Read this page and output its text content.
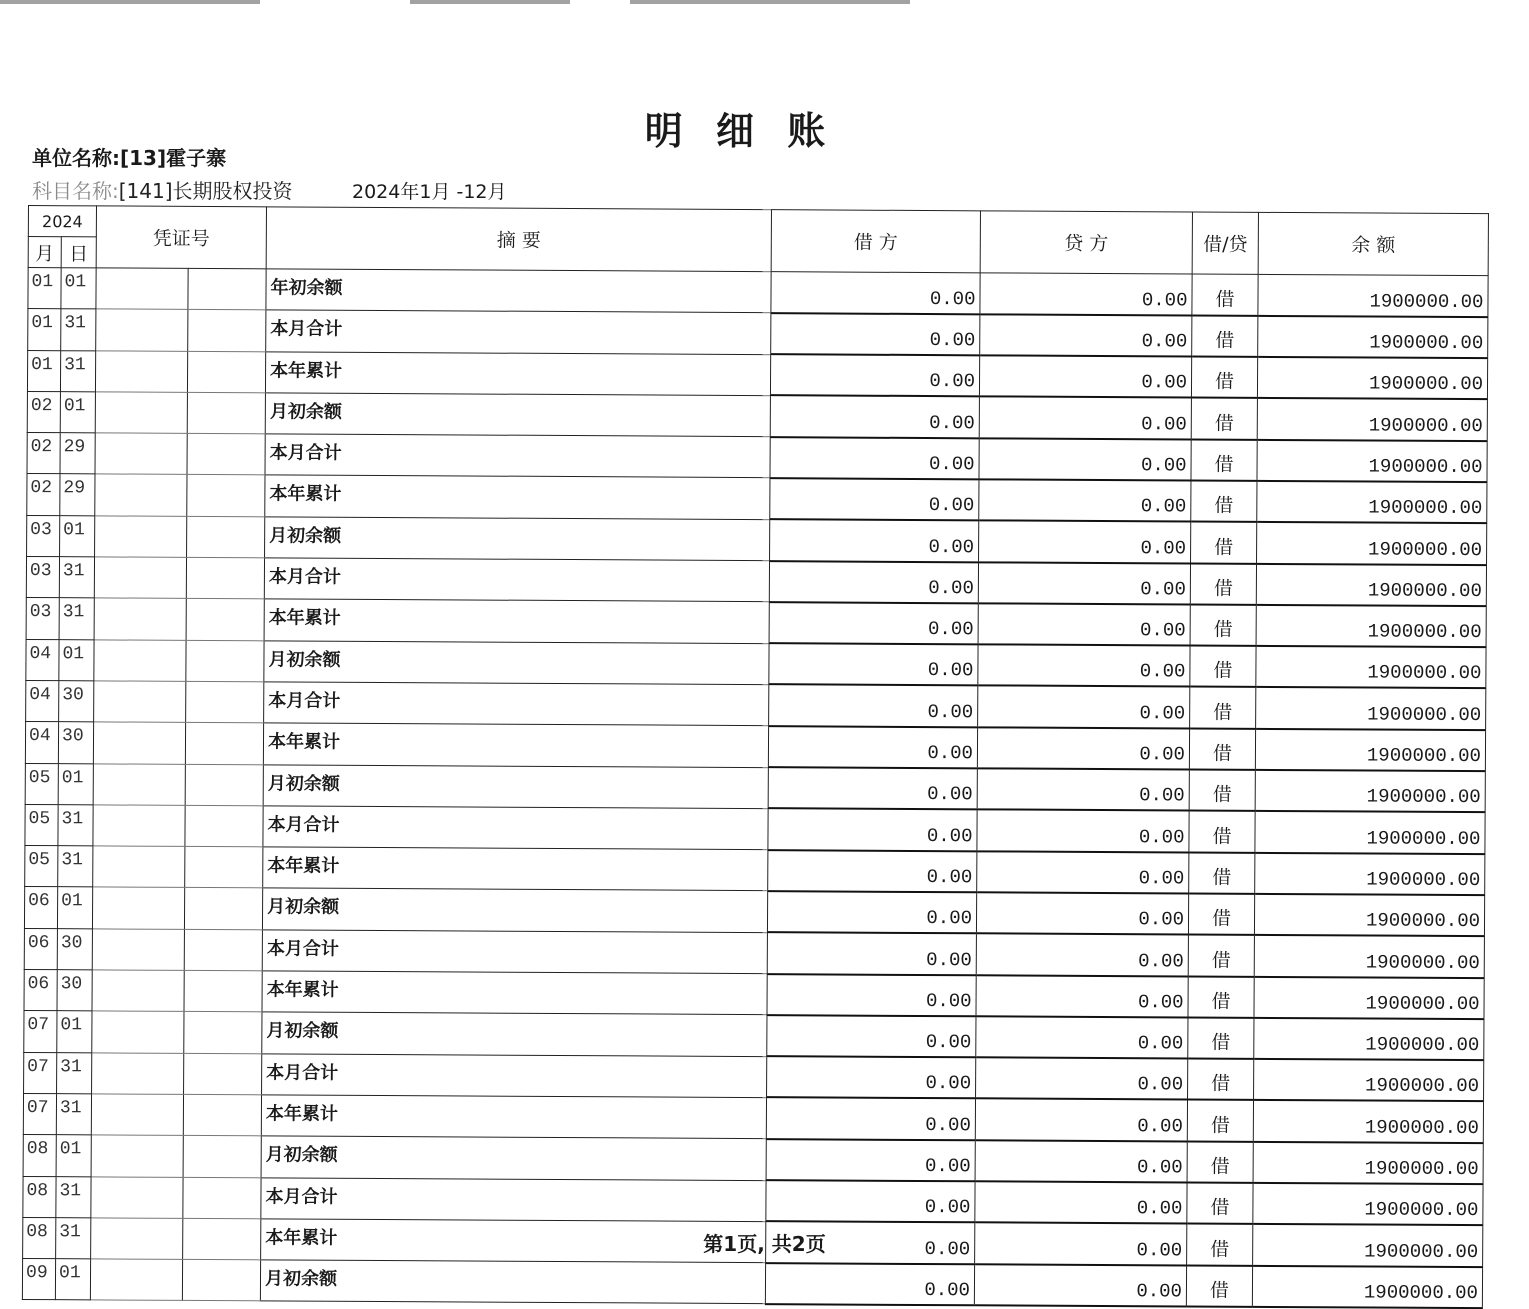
明 细 账
单位名称:[13]霍子寨
科目名称:[141]长期股权投资	2024年1月 -12月
2024		凭证号		摘 要	借 方	贷 方	借/贷	余 额
月	日							
01	01			年初余额	0.00	0.00	借	1900000.00
01	31			本月合计	0.00	0.00	借	1900000.00
01	31			本年累计	0.00	0.00	借	1900000.00
02	01			月初余额	0.00	0.00	借	1900000.00
02	29			本月合计	0.00	0.00	借	1900000.00
02	29			本年累计	0.00	0.00	借	1900000.00
03	01			月初余额	0.00	0.00	借	1900000.00
03	31			本月合计	0.00	0.00	借	1900000.00
03	31			本年累计	0.00	0.00	借	1900000.00
04	01			月初余额	0.00	0.00	借	1900000.00
04	30			本月合计	0.00	0.00	借	1900000.00
04	30			本年累计	0.00	0.00	借	1900000.00
05	01			月初余额	0.00	0.00	借	1900000.00
05	31			本月合计	0.00	0.00	借	1900000.00
05	31			本年累计	0.00	0.00	借	1900000.00
06	01			月初余额	0.00	0.00	借	1900000.00
06	30			本月合计	0.00	0.00	借	1900000.00
06	30			本年累计	0.00	0.00	借	1900000.00
07	01			月初余额	0.00	0.00	借	1900000.00
07	31			本月合计	0.00	0.00	借	1900000.00
07	31			本年累计	0.00	0.00	借	1900000.00
08	01			月初余额	0.00	0.00	借	1900000.00
08	31			本月合计	0.00	0.00	借	1900000.00
08	31			本年累计	0.00	0.00	借	1900000.00
09	01			月初余额	0.00	0.00	借	1900000.00
第1页, 共2页
